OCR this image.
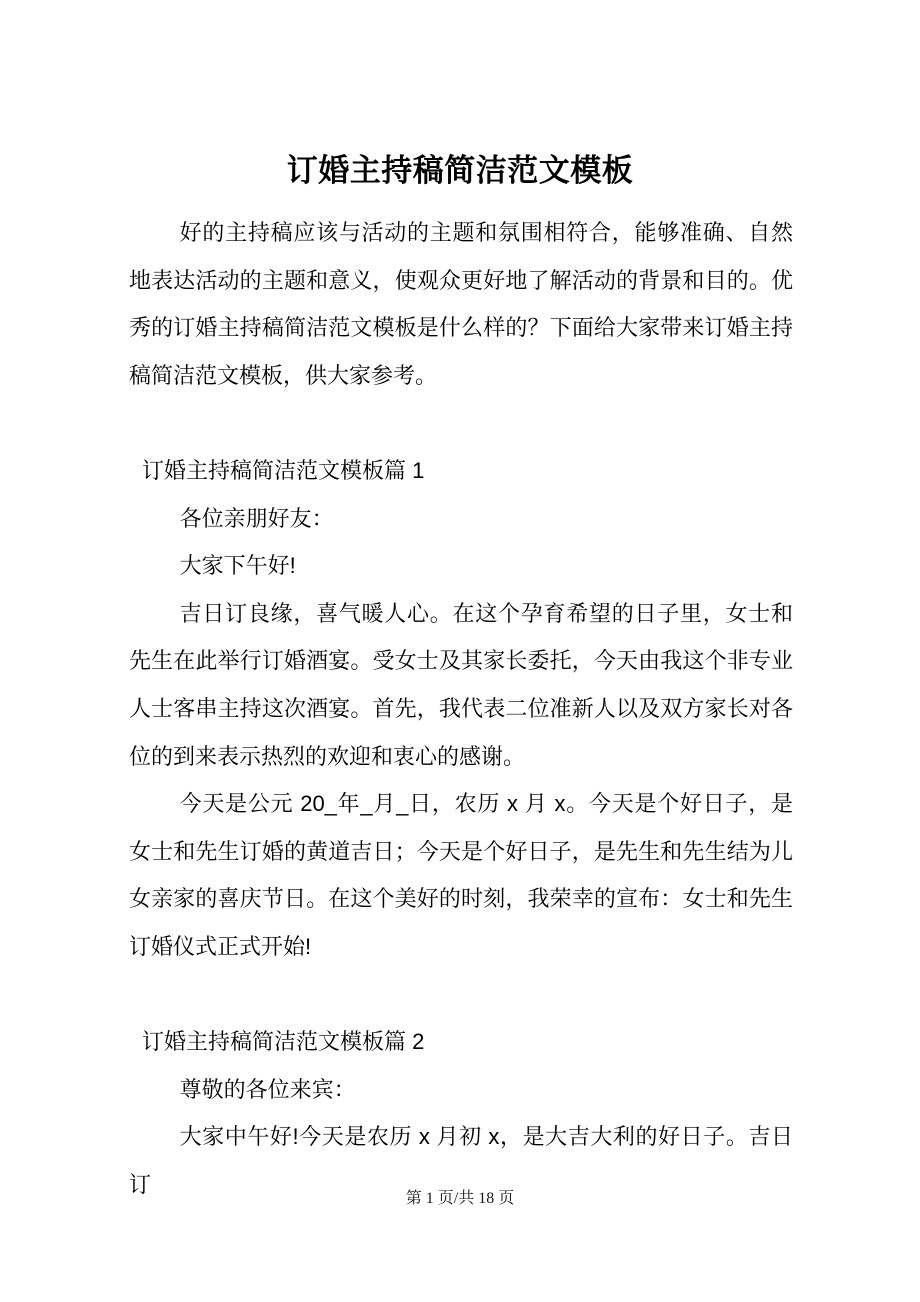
订婚主持稿简洁范文模板

好的主持稿应该与活动的主题和氛围相符合，能够准确、自然地表达活动的主题和意义，使观众更好地了解活动的背景和目的。优秀的订婚主持稿简洁范文模板是什么样的？下面给大家带来订婚主持稿简洁范文模板，供大家参考。

订婚主持稿简洁范文模板篇 1

各位亲朋好友：

大家下午好!

吉日订良缘，喜气暖人心。在这个孕育希望的日子里，女士和先生在此举行订婚酒宴。受女士及其家长委托，今天由我这个非专业人士客串主持这次酒宴。首先，我代表二位准新人以及双方家长对各位的到来表示热烈的欢迎和衷心的感谢。

今天是公元 20_年_月_日，农历 x 月 x。今天是个好日子，是女士和先生订婚的黄道吉日；今天是个好日子，是先生和先生结为儿女亲家的喜庆节日。在这个美好的时刻，我荣幸的宣布：女士和先生订婚仪式正式开始!

订婚主持稿简洁范文模板篇 2

尊敬的各位来宾：

大家中午好!今天是农历 x 月初 x，是大吉大利的好日子。吉日订

第 1 页/共 18 页
